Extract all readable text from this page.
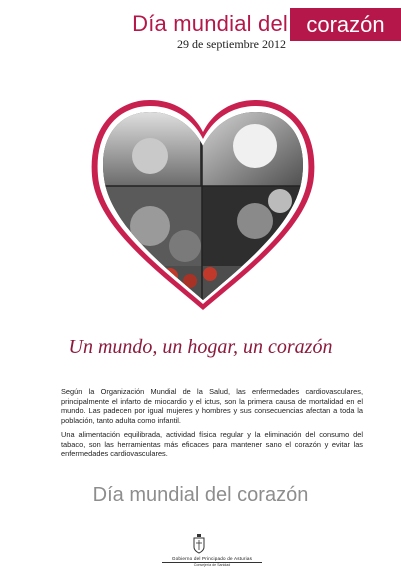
Día mundial del corazón
29 de septiembre 2012
Un mundo, un hogar, un corazón

Según la Organización Mundial de la Salud, las enfermedades cardiovasculares, principalmente el infarto de miocardio y el ictus, son la primera causa de mortalidad en el mundo. Las padecen por igual mujeres y hombres y sus consecuencias afectan a toda la población, tanto adulta como infantil.

Una alimentación equilibrada, actividad física regular y la eliminación del consumo del tabaco, son las herramientas más eficaces para mantener sano el corazón y evitar las enfermedades cardiovasculares.

Día mundial del corazón
Gobierno del Principado de Asturias
Consejería de Sanidad
